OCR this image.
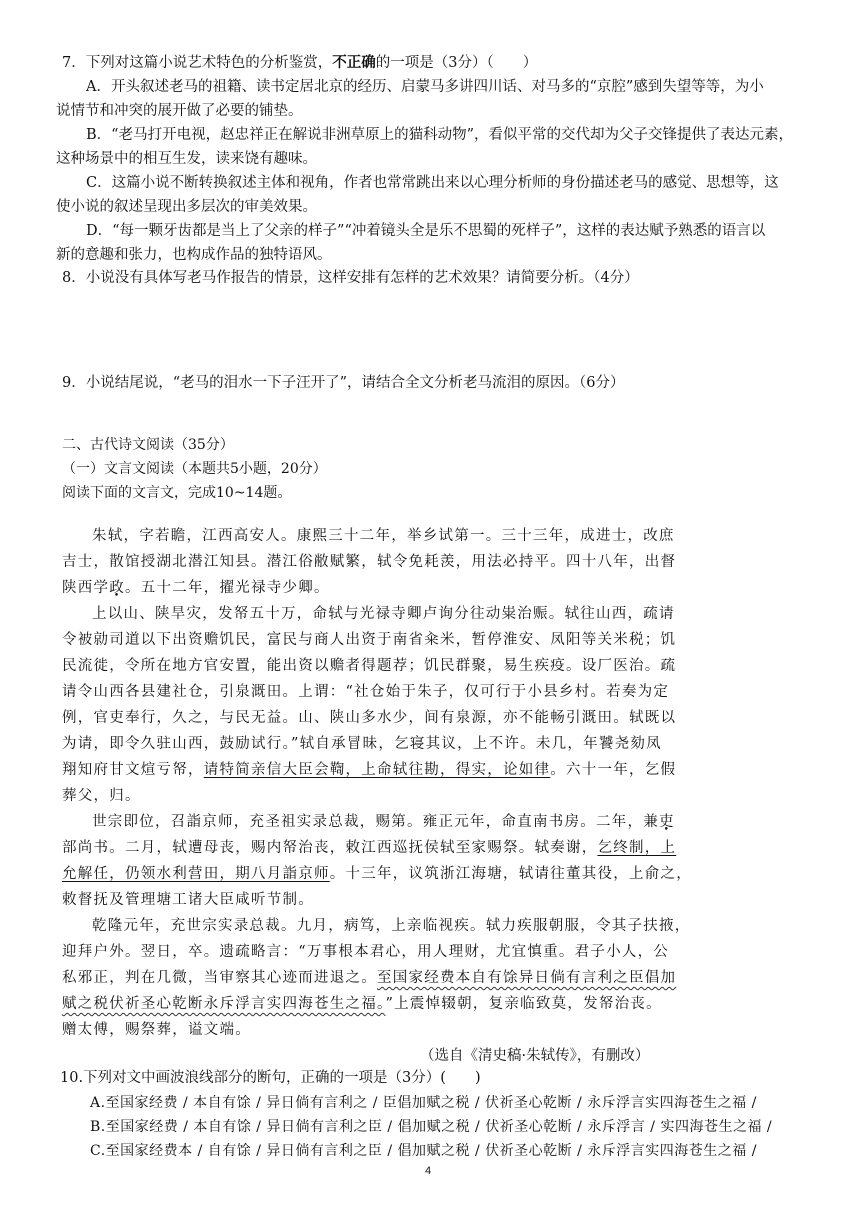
7．下列对这篇小说艺术特色的分析鉴赏，不正确的一项是（3分）（　　）
A．开头叙述老马的祖籍、读书定居北京的经历、启蒙马多讲四川话、对马多的“京腔”感到失望等等，为小
说情节和冲突的展开做了必要的铺垫。
B．“老马打开电视，赵忠祥正在解说非洲草原上的猫科动物”，看似平常的交代却为父子交锋提供了表达元素，
这种场景中的相互生发，读来饶有趣味。
C．这篇小说不断转换叙述主体和视角，作者也常常跳出来以心理分析师的身份描述老马的感觉、思想等，这
使小说的叙述呈现出多层次的审美效果。
D．“每一颗牙齿都是当上了父亲的样子”“冲着镜头全是乐不思蜀的死样子”，这样的表达赋予熟悉的语言以
新的意趣和张力，也构成作品的独特语风。
8．小说没有具体写老马作报告的情景，这样安排有怎样的艺术效果？请简要分析。（4分）
9．小说结尾说，“老马的泪水一下子汪开了”，请结合全文分析老马流泪的原因。（6分）
二、古代诗文阅读（35分）
（一）文言文阅读（本题共5小题，20分）
阅读下面的文言文，完成10~14题。
朱轼，字若瞻，江西高安人。康熙三十二年，举乡试第一。三十三年，成进士，改庶
吉士，散馆授湖北潜江知县。潜江俗敝赋繁，轼令免耗羡，用法必持平。四十八年，出督
陕西学政。五十二年，擢光禄寺少卿。
上以山、陕旱灾，发帑五十万，命轼与光禄寺卿卢询分往动粜治赈。轼往山西，疏请
令被勍司道以下出资赡饥民，富民与商人出资于南省籴米，暂停淮安、凤阳等关米税；饥
民流徙，令所在地方官安置，能出资以赡者得题荐；饥民群聚，易生疾疫。设厂医治。疏
请令山西各县建社仓，引泉溉田。上谓：“社仓始于朱子，仅可行于小县乡村。若奏为定
例，官吏奉行，久之，与民无益。山、陕山多水少，间有泉源，亦不能畅引溉田。轼既以
为请，即令久驻山西，鼓励试行。”轼自承冒昧，乞寝其议，上不许。未几，年饕尧劾凤
翔知府甘文煊亏帑，请特简亲信大臣会鞫，上命轼往勘，得实，论如律。六十一年，乞假
葬父，归。
世宗即位，召詣京师，充圣祖实录总裁，赐第。雍正元年，命直南书房。二年，兼吏
部尚书。二月，轼遭母丧，赐内帑治丧，敕江西巡抚侯轼至家赐祭。轼奏谢，乞终制，上
允解任，仍领水利营田，期八月詣京师。十三年，议筑浙江海塘，轼请往董其役，上俞之，
敕督抚及管理塘工诸大臣咸听节制。
乾隆元年，充世宗实录总裁。九月，病笃，上亲临视疾。轼力疾服朝服，令其子扶掖，
迎拜户外。翌日，卒。遗疏略言：“万事根本君心，用人理财，尤宜慎重。君子小人，公
私邪正，判在几微，当审察其心迹而进退之。至国家经费本自有馀异日倘有言利之臣倡加
赋之税伏祈圣心乾断永斥浮言实四海苍生之福。”上震悼辍朝，复亲临致莫，发帑治丧。
赠太傅，赐祭葬，谥文端。
（选自《清史稿·朱轼传》，有删改）
10.下列对文中画波浪线部分的断句，正确的一项是（3分）(　　)
A.至国家经费 / 本自有馀 / 异日倘有言利之 / 臣倡加赋之税 / 伏祈圣心乾断 / 永斥浮言实四海苍生之福 /
B.至国家经费 / 本自有馀 / 异日倘有言利之臣 / 倡加赋之税 / 伏祈圣心乾断 / 永斥浮言 / 实四海苍生之福 /
C.至国家经费本 / 自有馀 / 异日倘有言利之臣 / 倡加赋之税 / 伏祈圣心乾断 / 永斥浮言实四海苍生之福 /
4
